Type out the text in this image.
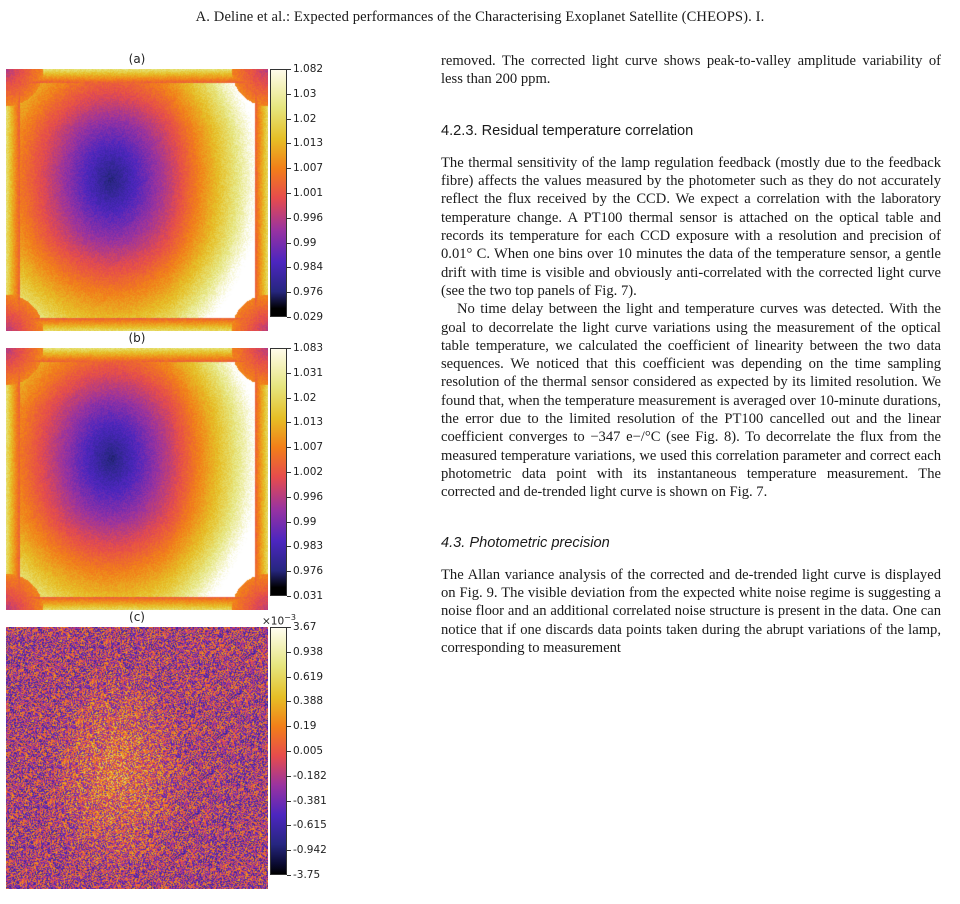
A. Deline et al.: Expected performances of the Characterising Exoplanet Satellite (CHEOPS). I.
(a)
(b)
(c)	$\times 10^{-3}$
1.082
1.03
1.02
1.013
1.007
1.001
0.996
0.99
0.984
0.976
0.029
1.083
1.031
1.02
1.013
1.007
1.002
0.996
0.99
0.983
0.976
0.031
3.67
0.938
0.619
0.388
0.19
0.005
-0.182
-0.381
-0.615
-0.942
-3.75

removed. The corrected light curve shows peak-to-valley amplitude variability of less than 200 ppm.

4.2.3. Residual temperature correlation

The thermal sensitivity of the lamp regulation feedback (mostly due to the feedback fibre) affects the values measured by the photometer such as they do not accurately reflect the flux received by the CCD. We expect a correlation with the laboratory temperature change. A PT100 thermal sensor is attached on the optical table and records its temperature for each CCD exposure with a resolution and precision of 0.01° C. When one bins over 10 minutes the data of the temperature sensor, a gentle drift with time is visible and obviously anti-correlated with the corrected light curve (see the two top panels of Fig. 7).

No time delay between the light and temperature curves was detected. With the goal to decorrelate the light curve variations using the measurement of the optical table temperature, we calculated the coefficient of linearity between the two data sequences. We noticed that this coefficient was depending on the time sampling resolution of the thermal sensor considered as expected by its limited resolution. We found that, when the temperature measurement is averaged over 10-minute durations, the error due to the limited resolution of the PT100 cancelled out and the linear coefficient converges to −347 e−/°C (see Fig. 8). To decorrelate the flux from the measured temperature variations, we used this correlation parameter and correct each photometric data point with its instantaneous temperature measurement. The corrected and de-trended light curve is shown on Fig. 7.

4.3. Photometric precision

The Allan variance analysis of the corrected and de-trended light curve is displayed on Fig. 9. The visible deviation from the expected white noise regime is suggesting a noise floor and an additional correlated noise structure is present in the data. One can notice that if one discards data points taken during the abrupt variations of the lamp, corresponding to measurement
